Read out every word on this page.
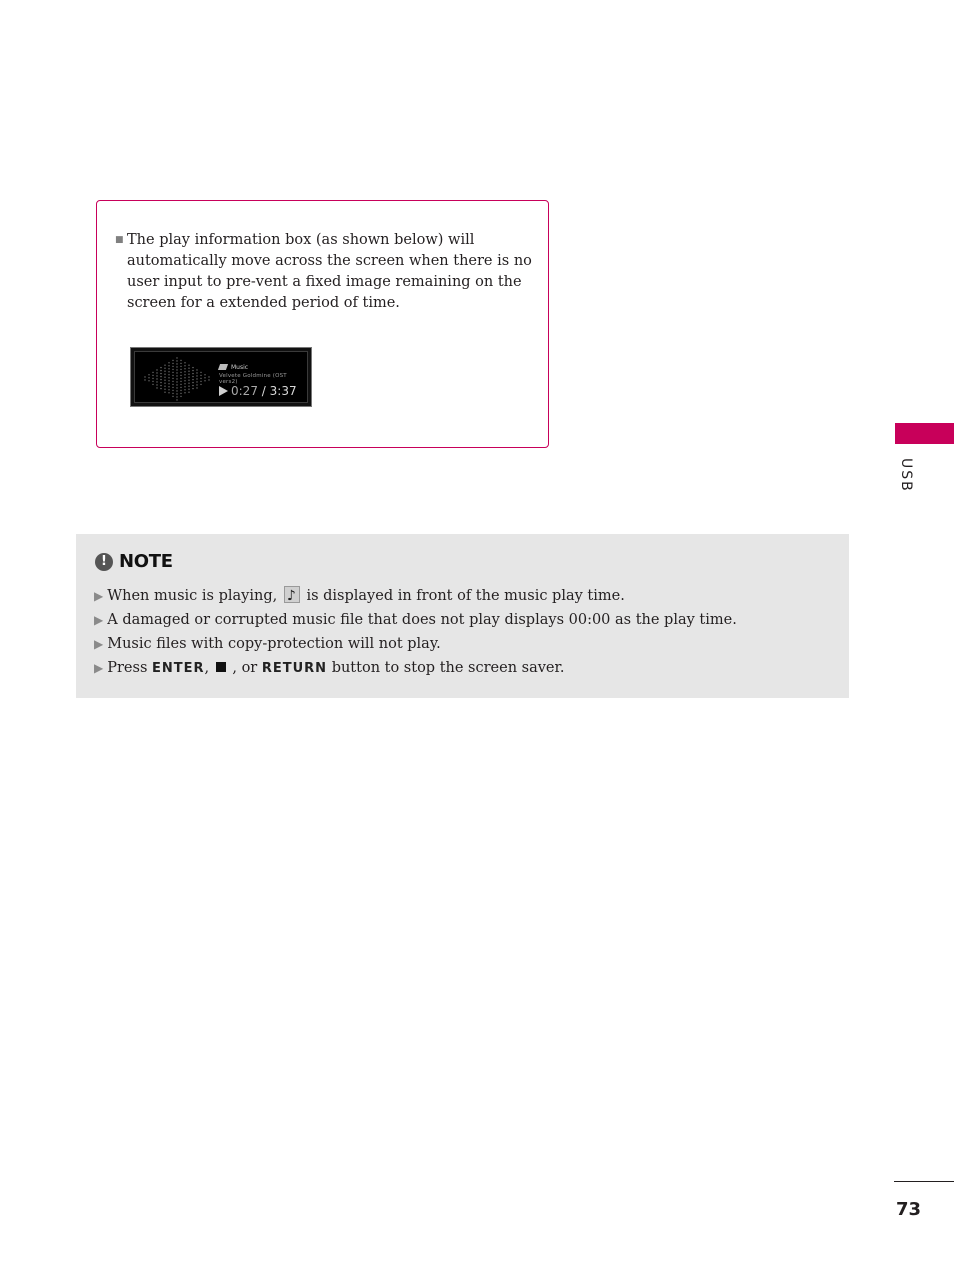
■ The play information box (as shown below) will automatically move across the screen when there is no user input to pre-vent a fixed image remaining on the screen for a extended period of time.
Music
Velvete Goldmine (OST vers2)
0:27 / 3:37
! NOTE
▶ When music is playing, ♪ is displayed in front of the music play time.
▶ A damaged or corrupted music file that does not play displays 00:00 as the play time.
▶ Music files with copy-protection will not play.
▶ Press ENTER, , or RETURN button to stop the screen saver.
USB
73
